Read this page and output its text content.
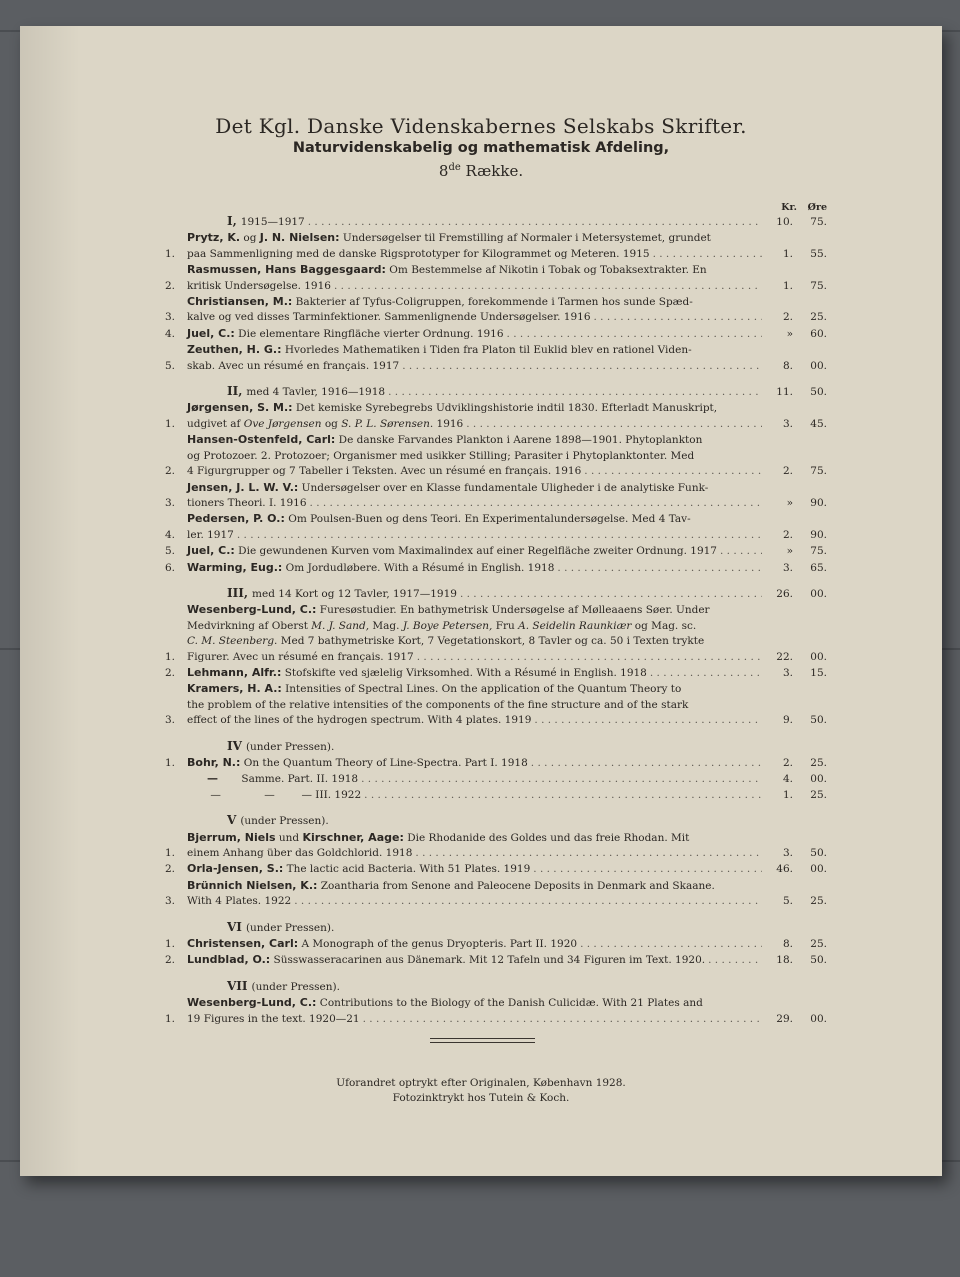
Det Kgl. Danske Videnskabernes Selskabs Skrifter.
Naturvidenskabelig og mathematisk Afdeling,
8de Række.
Kr. Øre
I, 1915—1917 . . .	10.	75.
1.
Prytz, K. og J. N. Nielsen: Undersøgelser til Fremstilling af Normaler i Metersystemet, grundet
paa Sammenligning med de danske Rigsprototyper for Kilogrammet og Meteren. 1915 . . .	1.	55.
2.
Rasmussen, Hans Baggesgaard: Om Bestemmelse af Nikotin i Tobak og Tobaksextrakter. En
kritisk Undersøgelse. 1916 . . .	1.	75.
3.
Christiansen, M.: Bakterier af Tyfus-Coligruppen, forekommende i Tarmen hos sunde Spæd-
kalve og ved disses Tarminfektioner. Sammenlignende Undersøgelser. 1916 . . .	2.	25.
4.	Juel, C.: Die elementare Ringfläche vierter Ordnung. 1916 . . .	»	60.
5.
Zeuthen, H. G.: Hvorledes Mathematiken i Tiden fra Platon til Euklid blev en rationel Viden-
skab. Avec un résumé en français. 1917 . . .	8.	00.
II, med 4 Tavler, 1916—1918 . . .	11.	50.
1.
Jørgensen, S. M.: Det kemiske Syrebegrebs Udviklingshistorie indtil 1830. Efterladt Manuskript,
udgivet af Ove Jørgensen og S. P. L. Sørensen. 1916 . . .	3.	45.
2.
Hansen-Ostenfeld, Carl: De danske Farvandes Plankton i Aarene 1898—1901. Phytoplankton
og Protozoer. 2. Protozoer; Organismer med usikker Stilling; Parasiter i Phytoplanktonter. Med
4 Figurgrupper og 7 Tabeller i Teksten. Avec un résumé en français. 1916 . . .	2.	75.
3.
Jensen, J. L. W. V.: Undersøgelser over en Klasse fundamentale Uligheder i de analytiske Funk-
tioners Theori. I. 1916 . . .	»	90.
4.
Pedersen, P. O.: Om Poulsen-Buen og dens Teori. En Experimentalundersøgelse. Med 4 Tav-
ler. 1917 . . .	2.	90.
5.	Juel, C.: Die gewundenen Kurven vom Maximalindex auf einer Regelfläche zweiter Ordnung. 1917 . . .	»	75.
6.	Warming, Eug.: Om Jordudløbere. With a Résumé in English. 1918 . . .	3.	65.
III, med 14 Kort og 12 Tavler, 1917—1919 . . .	26.	00.
1.
Wesenberg-Lund, C.: Furesøstudier. En bathymetrisk Undersøgelse af Mølleaaens Søer. Under
Medvirkning af Oberst M. J. Sand, Mag. J. Boye Petersen, Fru A. Seidelin Raunkiær og Mag. sc.
C. M. Steenberg. Med 7 bathymetriske Kort, 7 Vegetationskort, 8 Tavler og ca. 50 i Texten trykte
Figurer. Avec un résumé en français. 1917 . . .	22.	00.
2.	Lehmann, Alfr.: Stofskifte ved sjælelig Virksomhed. With a Résumé in English. 1918 . . .	3.	15.
3.
Kramers, H. A.: Intensities of Spectral Lines. On the application of the Quantum Theory to
the problem of the relative intensities of the components of the fine structure and of the stark
effect of the lines of the hydrogen spectrum. With 4 plates. 1919 . . .	9.	50.
IV (under Pressen).
1.	Bohr, N.: On the Quantum Theory of Line-Spectra. Part I. 1918 . . .	2.	25.
—       Samme. Part. II. 1918 . . .	4.	00.
—             —        — III. 1922 . . .	1.	25.
V (under Pressen).
1.
Bjerrum, Niels und Kirschner, Aage: Die Rhodanide des Goldes und das freie Rhodan. Mit
einem Anhang über das Goldchlorid. 1918 . . .	3.	50.
2.	Orla-Jensen, S.: The lactic acid Bacteria. With 51 Plates. 1919 . . .	46.	00.
3.
Brünnich Nielsen, K.: Zoantharia from Senone and Paleocene Deposits in Denmark and Skaane.
With 4 Plates. 1922 . . .	5.	25.
VI (under Pressen).
1.	Christensen, Carl: A Monograph of the genus Dryopteris. Part II. 1920 . . .	8.	25.
2.	Lundblad, O.: Süsswasseracarinen aus Dänemark. Mit 12 Tafeln und 34 Figuren im Text. 1920. . . .	18.	50.
VII (under Pressen).
1.
Wesenberg-Lund, C.: Contributions to the Biology of the Danish Culicidæ. With 21 Plates and
19 Figures in the text. 1920—21 . . .	29.	00.
Uforandret optrykt efter Originalen, København 1928.
Fotozinktrykt hos Tutein & Koch.
